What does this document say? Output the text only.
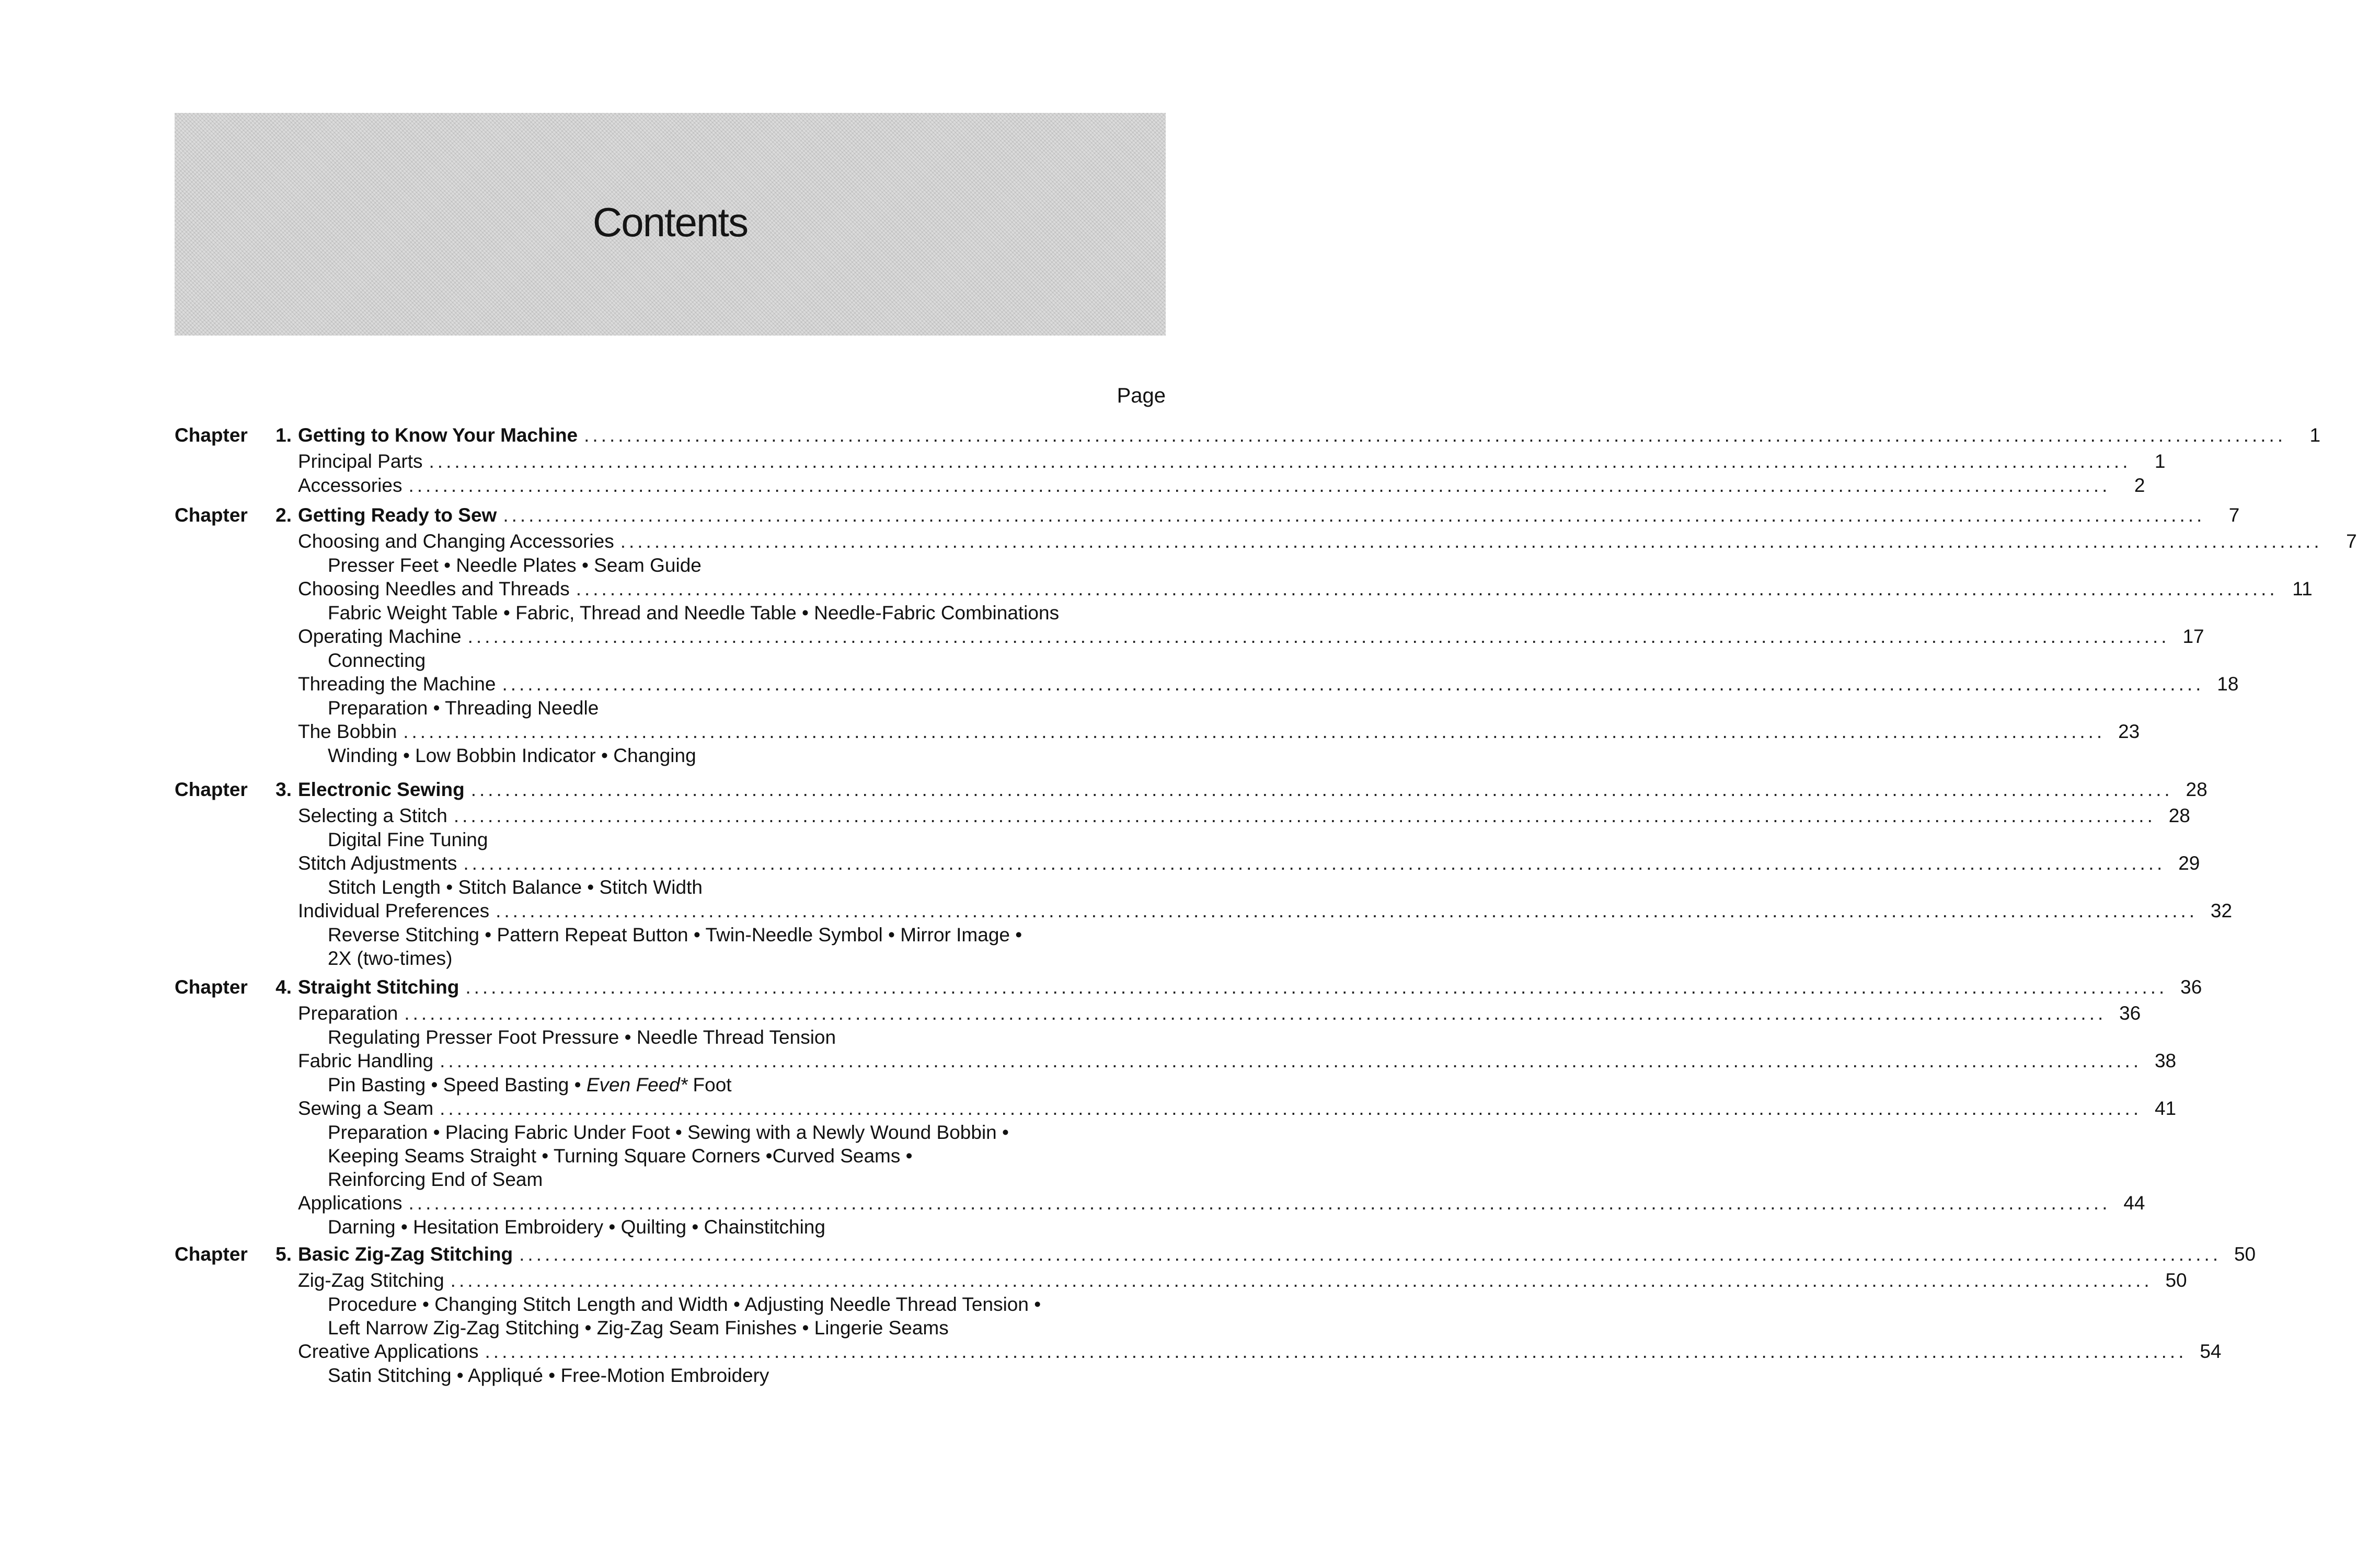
Contents
Page
Chapter	1. Getting to Know Your Machine ........................................................................................................................................................................................................	1
Principal Parts ........................................................................................................................................................................................................	1
Accessories ........................................................................................................................................................................................................	2
Chapter	2. Getting Ready to Sew ........................................................................................................................................................................................................	7
Choosing and Changing Accessories ........................................................................................................................................................................................................	7
Presser Feet • Needle Plates • Seam Guide
Choosing Needles and Threads ........................................................................................................................................................................................................ 11
Fabric Weight Table • Fabric, Thread and Needle Table • Needle-Fabric Combinations
Operating Machine ........................................................................................................................................................................................................ 17
Connecting
Threading the Machine ........................................................................................................................................................................................................ 18
Preparation • Threading Needle
The Bobbin ........................................................................................................................................................................................................ 23
Winding • Low Bobbin Indicator • Changing
Chapter	3. Electronic Sewing ........................................................................................................................................................................................................ 28
Selecting a Stitch ........................................................................................................................................................................................................ 28
Digital Fine Tuning
Stitch Adjustments ........................................................................................................................................................................................................ 29
Stitch Length • Stitch Balance • Stitch Width
Individual Preferences ........................................................................................................................................................................................................ 32
Reverse Stitching • Pattern Repeat Button • Twin-Needle Symbol • Mirror Image •
2X (two-times)
Chapter	4. Straight Stitching ........................................................................................................................................................................................................ 36
Preparation ........................................................................................................................................................................................................ 36
Regulating Presser Foot Pressure • Needle Thread Tension
Fabric Handling ........................................................................................................................................................................................................ 38
Pin Basting • Speed Basting • Even Feed* Foot
Sewing a Seam ........................................................................................................................................................................................................ 41
Preparation • Placing Fabric Under Foot • Sewing with a Newly Wound Bobbin •
Keeping Seams Straight • Turning Square Corners •Curved Seams •
Reinforcing End of Seam
Applications ........................................................................................................................................................................................................ 44
Darning • Hesitation Embroidery • Quilting • Chainstitching
Chapter	5. Basic Zig-Zag Stitching ........................................................................................................................................................................................................ 50
Zig-Zag Stitching ........................................................................................................................................................................................................ 50
Procedure • Changing Stitch Length and Width • Adjusting Needle Thread Tension •
Left Narrow Zig-Zag Stitching • Zig-Zag Seam Finishes • Lingerie Seams
Creative Applications ........................................................................................................................................................................................................ 54
Satin Stitching • Appliqué • Free-Motion Embroidery
